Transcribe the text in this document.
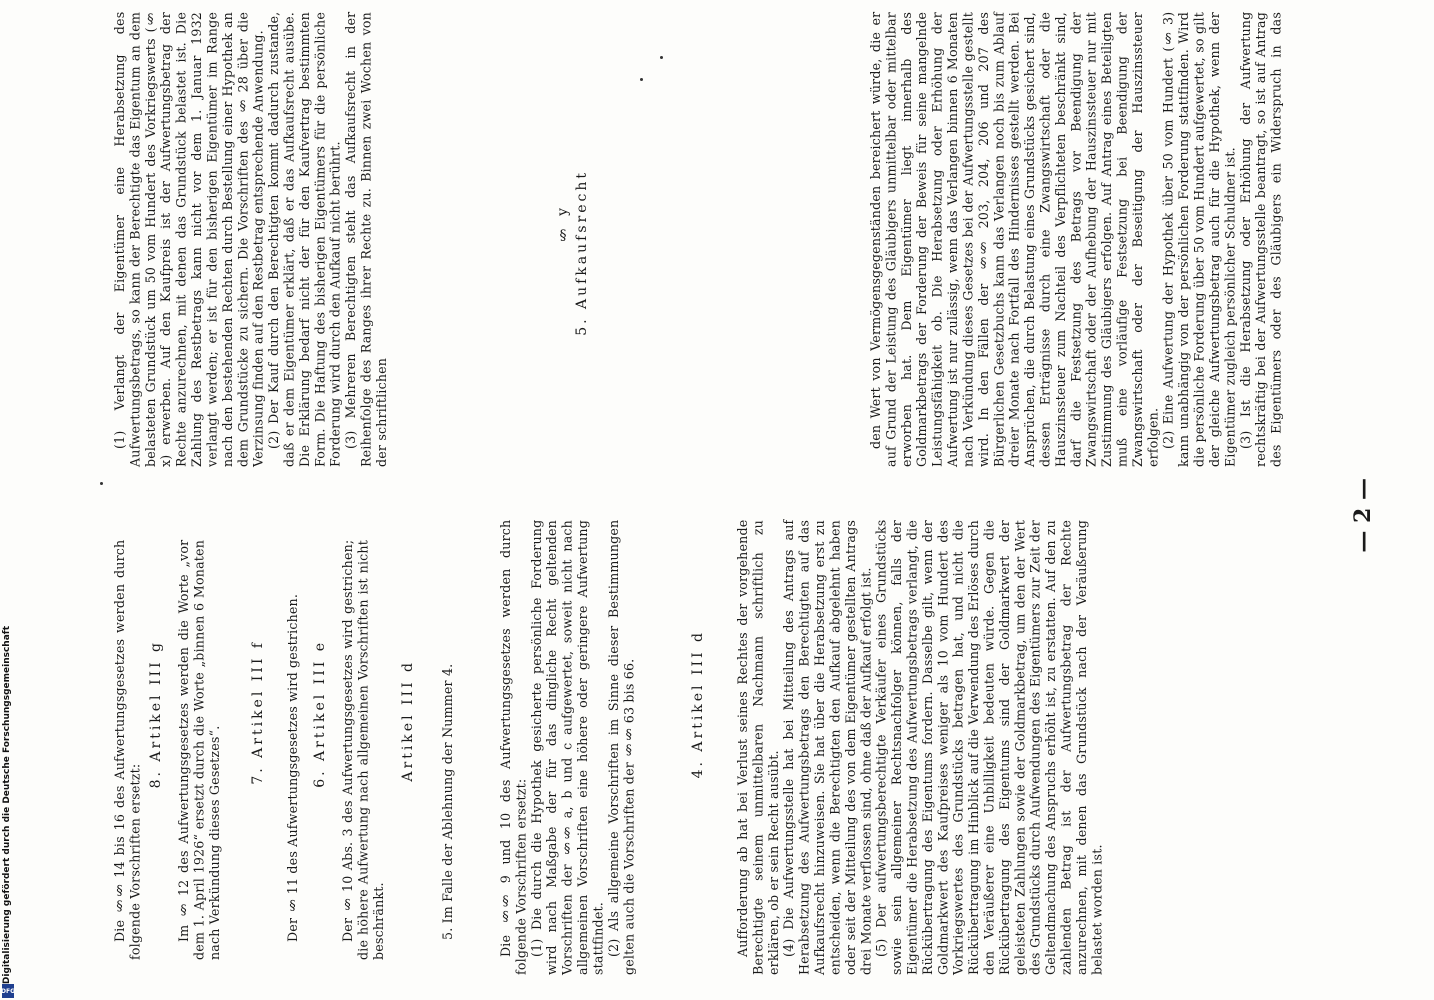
— 2 —

den Wert von Vermögensgegenständen bereichert würde, die er auf Grund der Leistung des Gläubigers unmittelbar oder mittelbar erworben hat. Dem Eigentümer liegt innerhalb des Goldmarkbetrags der Forderung der Beweis für seine mangelnde Leistungsfähigkeit ob. Die Herabsetzung oder Erhöhung der Aufwertung ist nur zulässig, wenn das Verlangen binnen 6 Monaten nach Verkündung dieses Gesetzes bei der Aufwertungsstelle gestellt wird. In den Fällen der §§ 203, 204, 206 und 207 des Bürgerlichen Gesetzbuchs kann das Verlangen noch bis zum Ablauf dreier Monate nach Fortfall des Hindernisses gestellt werden. Bei Ansprüchen, die durch Belastung eines Grundstücks gesichert sind, dessen Erträgnisse durch eine Zwangswirtschaft oder die Hauszinssteuer zum Nachteil des Verpflichteten beschränkt sind, darf die Festsetzung des Betrags vor Beendigung der Zwangswirtschaft oder der Aufhebung der Hauszinssteuer nur mit Zustimmung des Gläubigers erfolgen. Auf Antrag eines Beteiligten muß eine vorläufige Festsetzung bei Beendigung der Zwangswirtschaft oder der Beseitigung der Hauszinssteuer erfolgen. (2) Eine Aufwertung der Hypothek über 50 vom Hundert (§ 3) kann unabhängig von der persönlichen Forderung stattfinden. Wird die persönliche Forderung über 50 vom Hundert aufgewertet, so gilt der gleiche Aufwertungsbetrag auch für die Hypothek, wenn der Eigentümer zugleich persönlicher Schuldner ist. (3) Ist die Herabsetzung oder Erhöhung der Aufwertung rechtskräftig bei der Aufwertungsstelle beantragt, so ist auf Antrag des Eigentümers oder des Gläubigers ein Widerspruch in das

5. Aufkaufsrecht
§ y

(1) Verlangt der Eigentümer eine Herabsetzung des Aufwertungsbetrags, so kann der Berechtigte das Eigentum an dem belasteten Grundstück um 50 vom Hundert des Vorkriegswerts (§ x) erwerben. Auf den Kaufpreis ist der Aufwertungsbetrag der Rechte anzurechnen, mit denen das Grundstück belastet ist. Die Zahlung des Restbetrags kann nicht vor dem 1. Januar 1932 verlangt werden; er ist für den bisherigen Eigentümer im Range nach den bestehenden Rechten durch Bestellung einer Hypothek an dem Grundstücke zu sichern. Die Vorschriften des § 28 über die Verzinsung finden auf den Restbetrag entsprechende Anwendung. (2) Der Kauf durch den Berechtigten kommt dadurch zustande, daß er dem Eigentümer erklärt, daß er das Aufkaufsrecht ausübe. Die Erklärung bedarf nicht der für den Kaufvertrag bestimmten Form. Die Haftung des bisherigen Eigentümers für die persönliche Forderung wird durch den Aufkauf nicht berührt. (3) Mehreren Berechtigten steht das Aufkaufsrecht in der Reihenfolge des Ranges ihrer Rechte zu. Binnen zwei Wochen von der schriftlichen

Aufforderung ab hat bei Verlust seines Rechtes der vorgehende Berechtigte seinem unmittelbaren Nachmann schriftlich zu erklären, ob er sein Recht ausübt. (4) Die Aufwertungsstelle hat bei Mitteilung des Antrags auf Herabsetzung des Aufwertungsbetrags den Berechtigten auf das Aufkaufsrecht hinzuweisen. Sie hat über die Herabsetzung erst zu entscheiden, wenn die Berechtigten den Aufkauf abgelehnt haben oder seit der Mitteilung des von dem Eigentümer gestellten Antrags drei Monate verflossen sind, ohne daß der Aufkauf erfolgt ist. (5) Der aufwertungsberechtigte Verkäufer eines Grundstücks sowie sein allgemeiner Rechtsnachfolger können, falls der Eigentümer die Herabsetzung des Aufwertungsbetrags verlangt, die Rückübertragung des Eigentums fordern. Dasselbe gilt, wenn der Goldmarkwert des Kaufpreises weniger als 10 vom Hundert des Vorkriegswertes des Grundstücks betragen hat, und nicht die Rückübertragung im Hinblick auf die Verwendung des Erlöses durch den Veräußerer eine Unbilligkeit bedeuten würde. Gegen die Rückübertragung des Eigentums sind der Goldmarkwert der geleisteten Zahlungen sowie der Goldmarkbetrag, um den der Wert des Grundstücks durch Aufwendungen des Eigentümers zur Zeit der Geltendmachung des Anspruchs erhöht ist, zu erstatten. Auf den zu zahlenden Betrag ist der Aufwertungsbetrag der Rechte anzurechnen, mit denen das Grundstück nach der Veräußerung belastet worden ist.

4. Artikel III d

Die §§ 9 und 10 des Aufwertungsgesetzes werden durch folgende Vorschriften ersetzt: (1) Die durch die Hypothek gesicherte persönliche Forderung wird nach Maßgabe der für das dingliche Recht geltenden Vorschriften der §§ a, b und c aufgewertet, soweit nicht nach allgemeinen Vorschriften eine höhere oder geringere Aufwertung stattfindet. (2) Als allgemeine Vorschriften im Sinne dieser Bestimmungen gelten auch die Vorschriften der §§ 63 bis 66.

5. Im Falle der Ablehnung der Nummer 4.

Artikel III d

Der § 10 Abs. 3 des Aufwertungsgesetzes wird gestrichen; die höhere Aufwertung nach allgemeinen Vorschriften ist nicht beschränkt.

6. Artikel III e

Der § 11 des Aufwertungsgesetzes wird gestrichen.

7. Artikel III f

Im § 12 des Aufwertungsgesetzes werden die Worte „vor dem 1. April 1926“ ersetzt durch die Worte „binnen 6 Monaten nach Verkündung dieses Gesetzes“.

8. Artikel III g

Die §§ 14 bis 16 des Aufwertungsgesetzes werden durch folgende Vorschriften ersetzt:

Digitalisierung gefördert durch die Deutsche Forschungsgemeinschaft
DFG
